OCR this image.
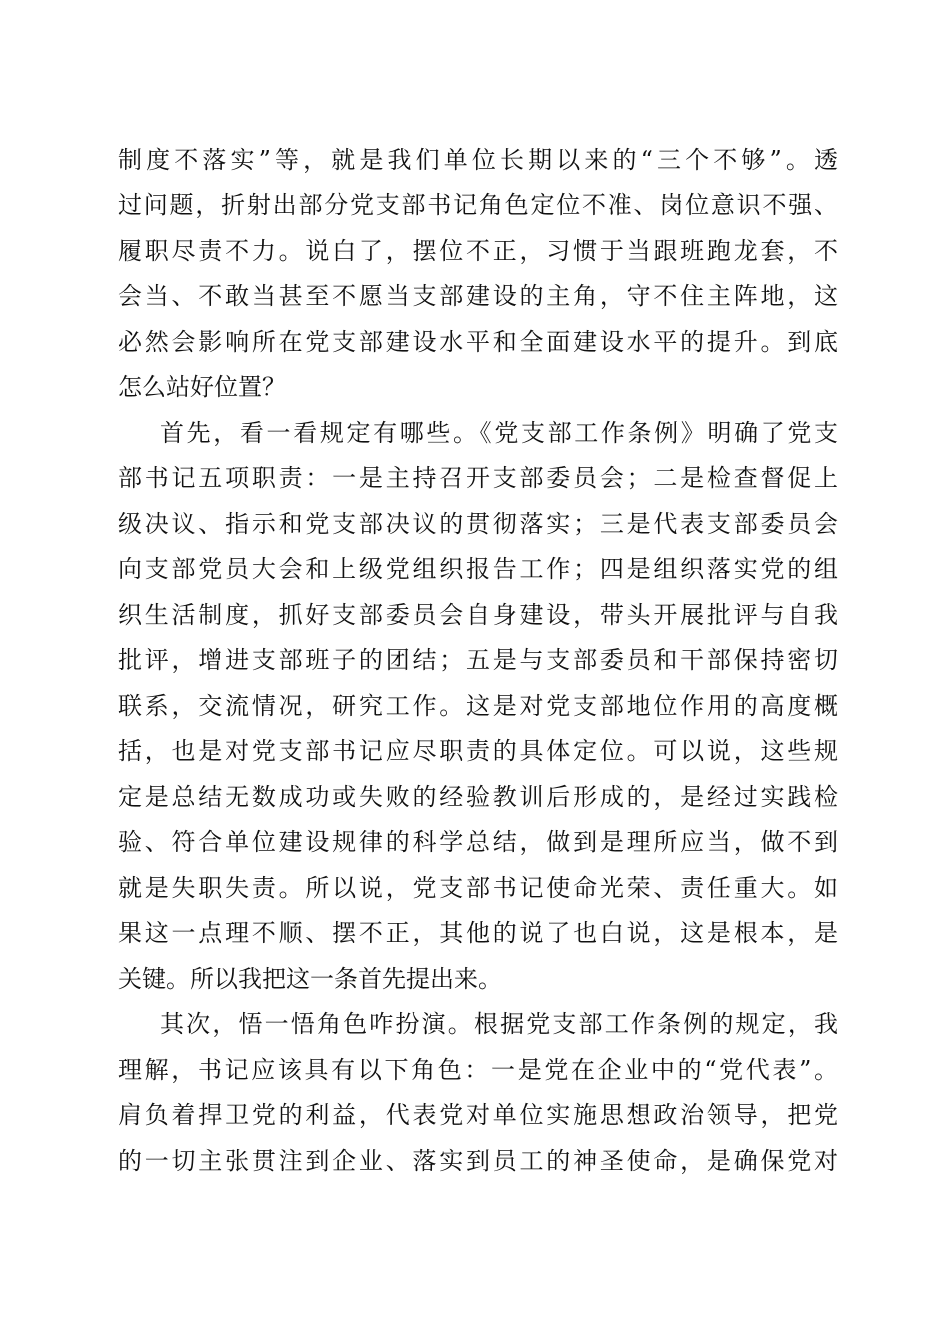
制度不落实”等，就是我们单位长期以来的“三个不够”。透
过问题，折射出部分党支部书记角色定位不准、岗位意识不强、
履职尽责不力。说白了，摆位不正，习惯于当跟班跑龙套，不
会当、不敢当甚至不愿当支部建设的主角，守不住主阵地，这
必然会影响所在党支部建设水平和全面建设水平的提升。到底
怎么站好位置？
首先，看一看规定有哪些。《党支部工作条例》明确了党支
部书记五项职责：一是主持召开支部委员会；二是检查督促上
级决议、指示和党支部决议的贯彻落实；三是代表支部委员会
向支部党员大会和上级党组织报告工作；四是组织落实党的组
织生活制度，抓好支部委员会自身建设，带头开展批评与自我
批评，增进支部班子的团结；五是与支部委员和干部保持密切
联系，交流情况，研究工作。这是对党支部地位作用的高度概
括，也是对党支部书记应尽职责的具体定位。可以说，这些规
定是总结无数成功或失败的经验教训后形成的，是经过实践检
验、符合单位建设规律的科学总结，做到是理所应当，做不到
就是失职失责。所以说，党支部书记使命光荣、责任重大。如
果这一点理不顺、摆不正，其他的说了也白说，这是根本，是
关键。所以我把这一条首先提出来。
其次，悟一悟角色咋扮演。根据党支部工作条例的规定，我
理解，书记应该具有以下角色：一是党在企业中的“党代表”。
肩负着捍卫党的利益，代表党对单位实施思想政治领导，把党
的一切主张贯注到企业、落实到员工的神圣使命，是确保党对
